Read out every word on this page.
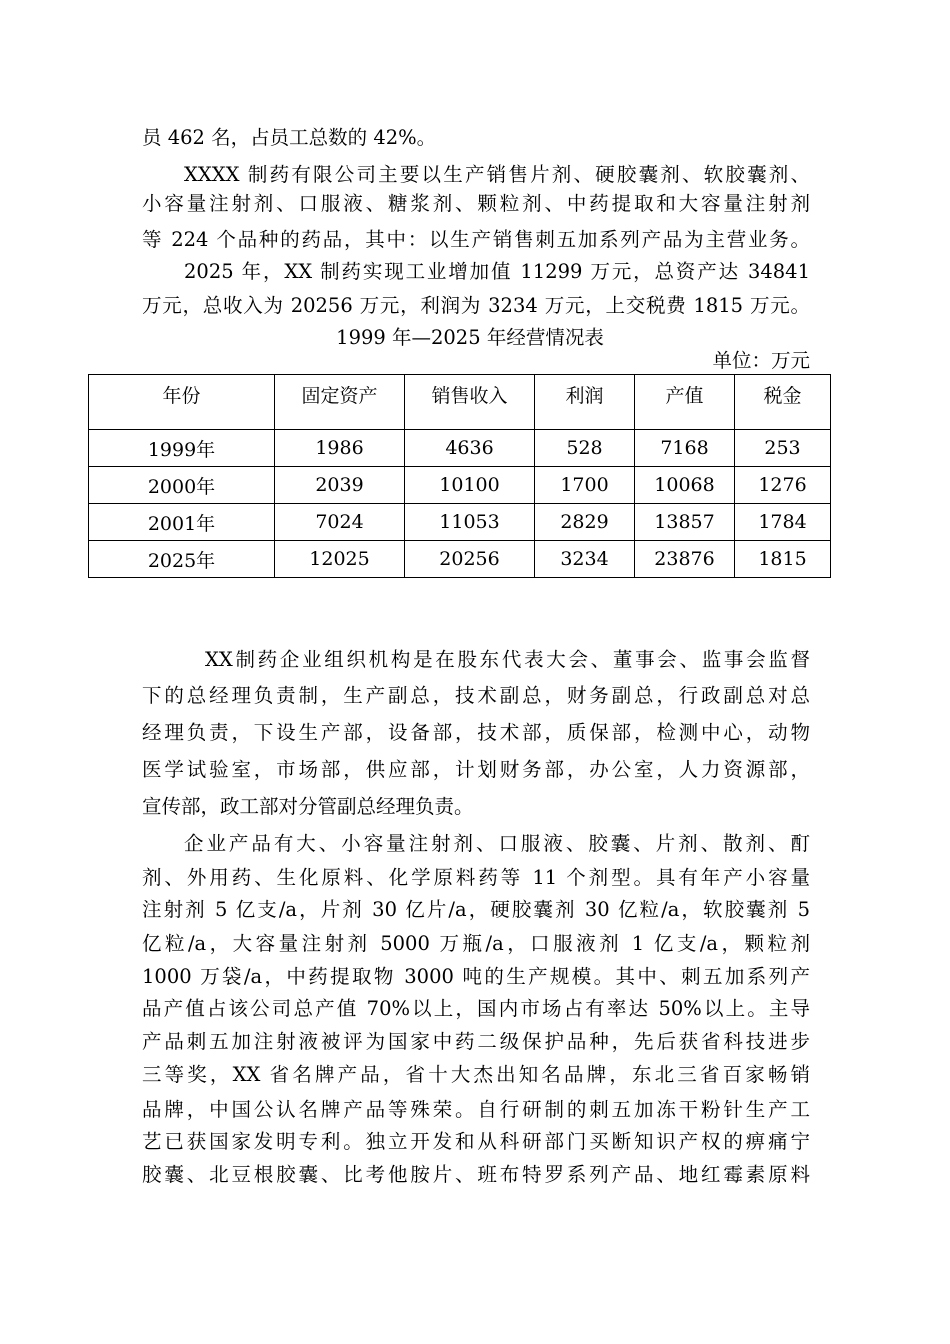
员 462 名，占员工总数的 42%。
XXXX 制药有限公司主要以生产销售片剂、硬胶囊剂、软胶囊剂、
小容量注射剂、口服液、糖浆剂、颗粒剂、中药提取和大容量注射剂
等 224 个品种的药品，其中：以生产销售刺五加系列产品为主营业务。
2025 年，XX 制药实现工业增加值 11299 万元，总资产达 34841
万元，总收入为 20256 万元，利润为 3234 万元，上交税费 1815 万元。
1999 年—2025 年经营情况表
单位：万元
年份	固定资产	销售收入	利润	产值	税金
1999年	1986	4636	528	7168	253
2000年	2039	10100	1700	10068	1276
2001年	7024	11053	2829	13857	1784
2025年	12025	20256	3234	23876	1815
XX制药企业组织机构是在股东代表大会、董事会、监事会监督
下的总经理负责制，生产副总，技术副总，财务副总，行政副总对总
经理负责，下设生产部，设备部，技术部，质保部，检测中心，动物
医学试验室，市场部，供应部，计划财务部，办公室，人力资源部，
宣传部，政工部对分管副总经理负责。
企业产品有大、小容量注射剂、口服液、胶囊、片剂、散剂、酊
剂、外用药、生化原料、化学原料药等 11 个剂型。具有年产小容量
注射剂 5 亿支/a，片剂 30 亿片/a，硬胶囊剂 30 亿粒/a，软胶囊剂 5
亿粒/a，大容量注射剂 5000 万瓶/a，口服液剂 1 亿支/a，颗粒剂
1000 万袋/a，中药提取物 3000 吨的生产规模。其中、刺五加系列产
品产值占该公司总产值 70%以上，国内市场占有率达 50%以上。主导
产品刺五加注射液被评为国家中药二级保护品种，先后获省科技进步
三等奖，XX 省名牌产品，省十大杰出知名品牌，东北三省百家畅销
品牌，中国公认名牌产品等殊荣。自行研制的刺五加冻干粉针生产工
艺已获国家发明专利。独立开发和从科研部门买断知识产权的痹痛宁
胶囊、北豆根胶囊、比考他胺片、班布特罗系列产品、地红霉素原料
